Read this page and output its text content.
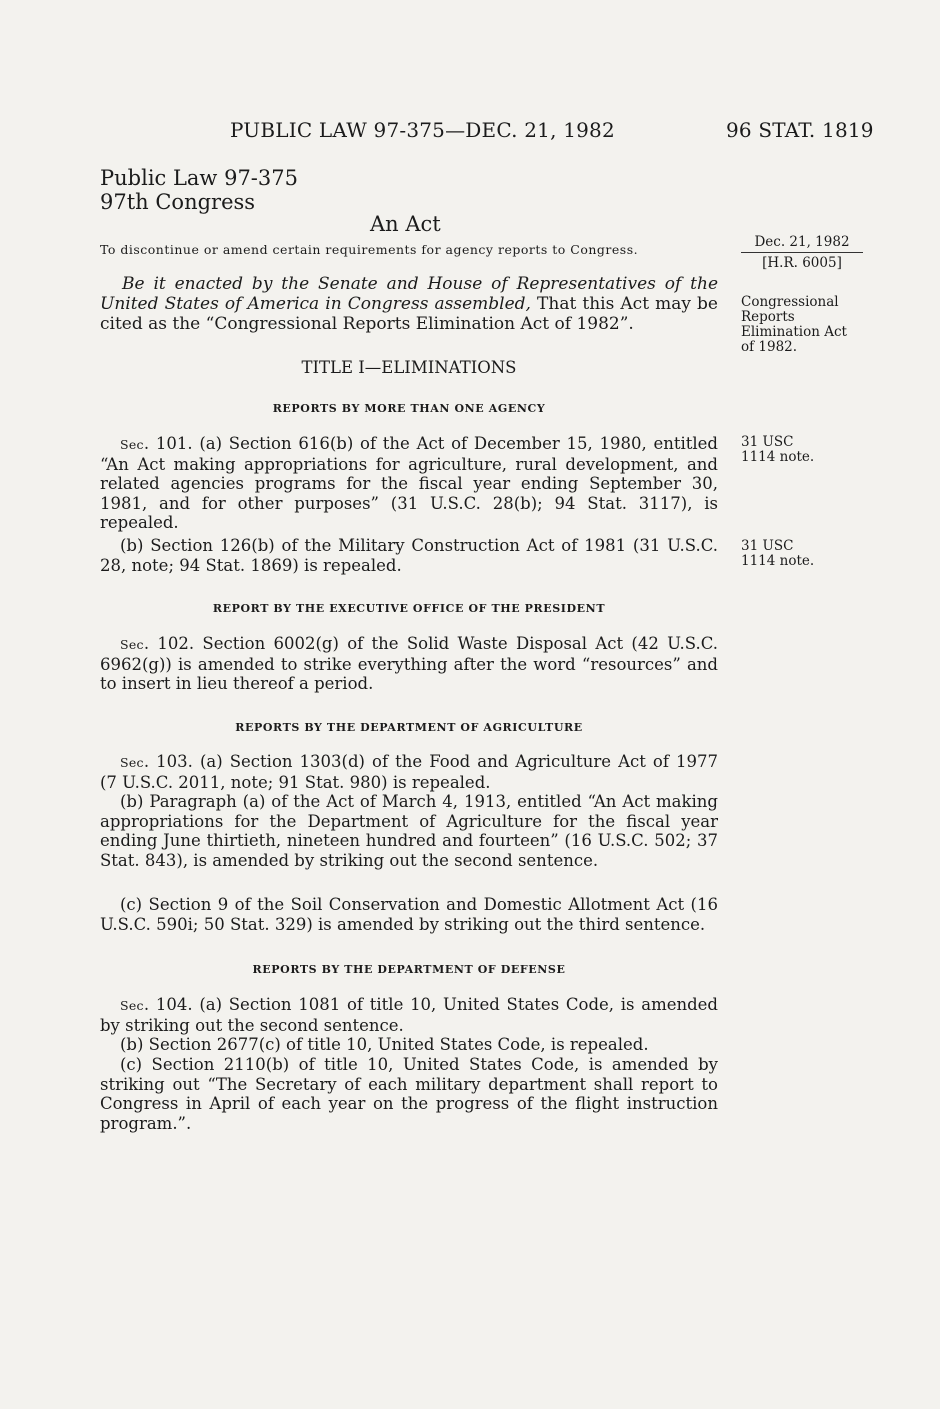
PUBLIC LAW 97-375—DEC. 21, 1982	96 STAT. 1819
Public Law 97-375
97th Congress
An Act
To discontinue or amend certain requirements for agency reports to Congress.	Dec. 21, 1982
[H.R. 6005]
Congressional Reports Elimination Act of 1982.
31 USC 1114 note.
31 USC 1114 note.

Be it enacted by the Senate and House of Representatives of the United States of America in Congress assembled, That this Act may be cited as the “Congressional Reports Elimination Act of 1982”.

TITLE I—ELIMINATIONS
REPORTS BY MORE THAN ONE AGENCY

Sec. 101. (a) Section 616(b) of the Act of December 15, 1980, entitled “An Act making appropriations for agriculture, rural development, and related agencies programs for the fiscal year ending September 30, 1981, and for other purposes” (31 U.S.C. 28(b); 94 Stat. 3117), is repealed.

(b) Section 126(b) of the Military Construction Act of 1981 (31 U.S.C. 28, note; 94 Stat. 1869) is repealed.

REPORT BY THE EXECUTIVE OFFICE OF THE PRESIDENT

Sec. 102. Section 6002(g) of the Solid Waste Disposal Act (42 U.S.C. 6962(g)) is amended to strike everything after the word “resources” and to insert in lieu thereof a period.

REPORTS BY THE DEPARTMENT OF AGRICULTURE

Sec. 103. (a) Section 1303(d) of the Food and Agriculture Act of 1977 (7 U.S.C. 2011, note; 91 Stat. 980) is repealed.

(b) Paragraph (a) of the Act of March 4, 1913, entitled “An Act making appropriations for the Department of Agriculture for the fiscal year ending June thirtieth, nineteen hundred and fourteen” (16 U.S.C. 502; 37 Stat. 843), is amended by striking out the second sentence.

(c) Section 9 of the Soil Conservation and Domestic Allotment Act (16 U.S.C. 590i; 50 Stat. 329) is amended by striking out the third sentence.

REPORTS BY THE DEPARTMENT OF DEFENSE

Sec. 104. (a) Section 1081 of title 10, United States Code, is amended by striking out the second sentence.

(b) Section 2677(c) of title 10, United States Code, is repealed.

(c) Section 2110(b) of title 10, United States Code, is amended by striking out “The Secretary of each military department shall report to Congress in April of each year on the progress of the flight instruction program.”.
